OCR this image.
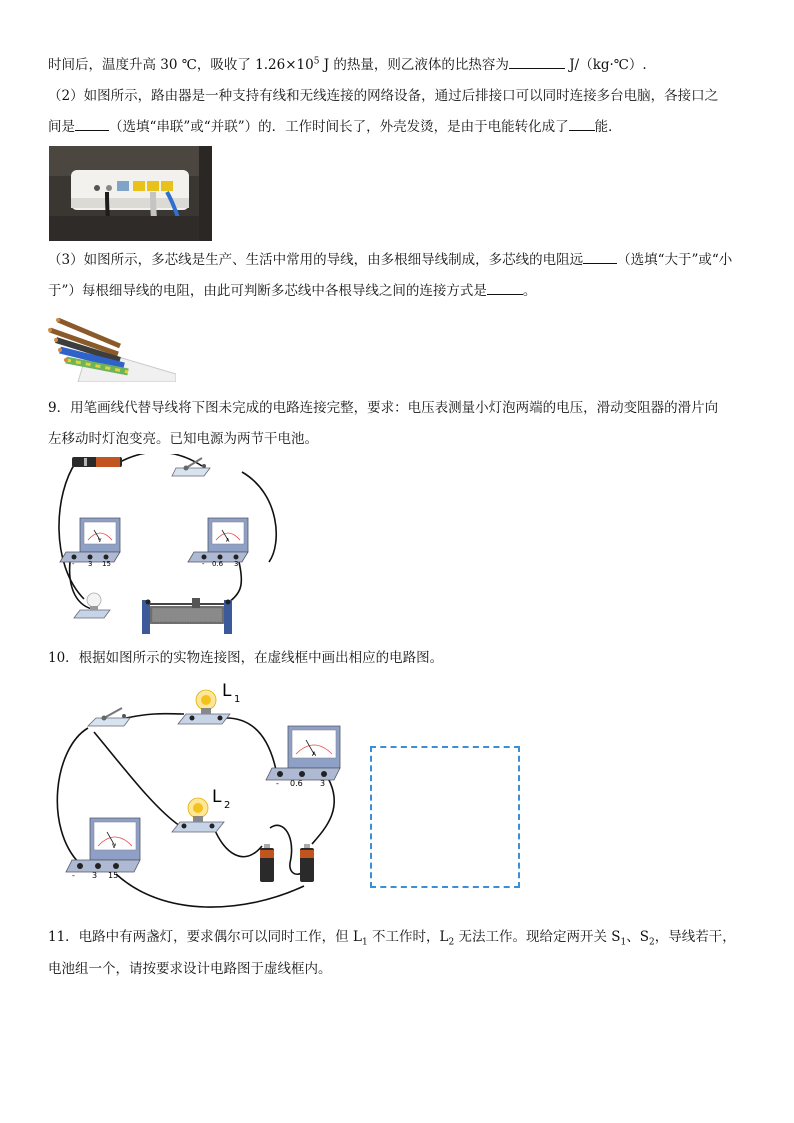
时间后，温度升高 30 ℃，吸收了 $1.26\times 10^5$ J 的热量，则乙液体的比热容为	J/（kg·℃）.
（2）如图所示，路由器是一种支持有线和无线连接的网络设备，通过后排接口可以同时连接多台电脑，各接口之
间是	（选填“串联”或“并联”）的．工作时间长了，外壳发烫，是由于电能转化成了 能．
（3）如图所示，多芯线是生产、生活中常用的导线，由多根细导线制成，多芯线的电阻远	（选填“大于”或“小
于”）每根细导线的电阻，由此可判断多芯线中各根导线之间的连接方式是	。
9．用笔画线代替导线将下图未完成的电路连接完整，要求：电压表测量小灯泡两端的电压，滑动变阻器的滑片向
左移动时灯泡变亮。已知电源为两节干电池。
V
- 3 15
A
- 0.6 3
10．根据如图所示的实物连接图，在虚线框中画出相应的电路图。
L 1
L 2
A
- 0.6 3
V
- 3 15
11．电路中有两盏灯，要求偶尔可以同时工作，但 $L_1$ 不工作时，$L_2$ 无法工作。现给定两开关 $S_1$、$S_2$，导线若干，
电池组一个，请按要求设计电路图于虚线框内。
